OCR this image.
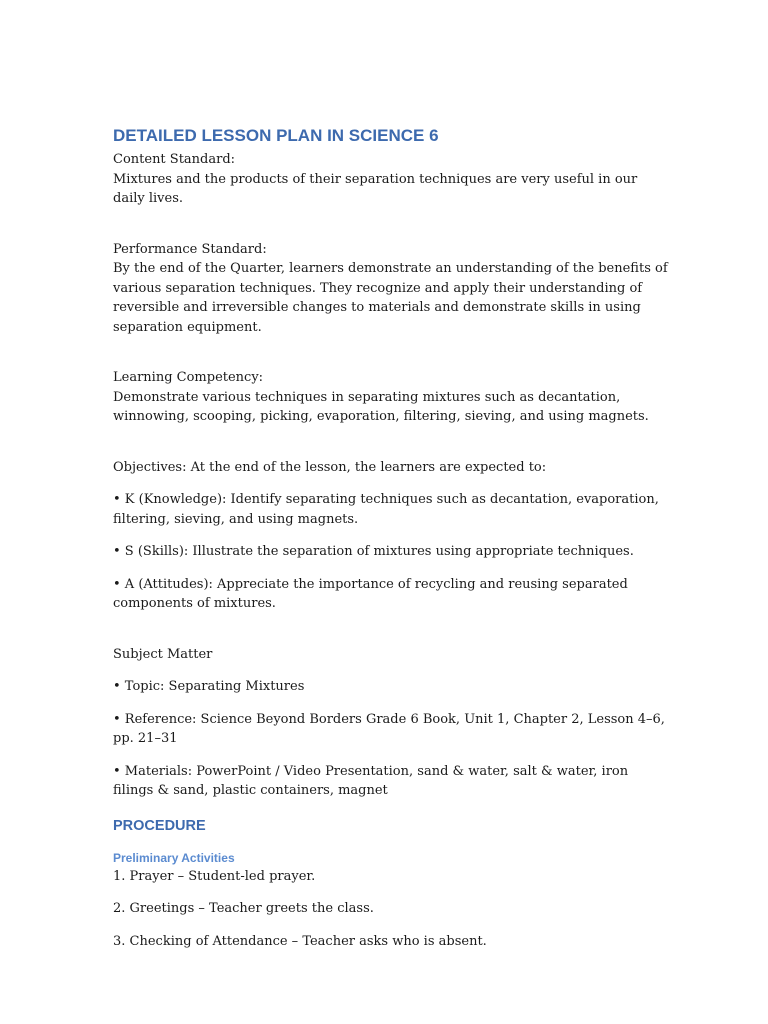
DETAILED LESSON PLAN IN SCIENCE 6

Content Standard:

Mixtures and the products of their separation techniques are very useful in our daily lives.

Performance Standard:

By the end of the Quarter, learners demonstrate an understanding of the benefits of various separation techniques. They recognize and apply their understanding of reversible and irreversible changes to materials and demonstrate skills in using separation equipment.

Learning Competency:

Demonstrate various techniques in separating mixtures such as decantation, winnowing, scooping, picking, evaporation, filtering, sieving, and using magnets.

Objectives: At the end of the lesson, the learners are expected to:

• K (Knowledge): Identify separating techniques such as decantation, evaporation, filtering, sieving, and using magnets.

• S (Skills): Illustrate the separation of mixtures using appropriate techniques.

• A (Attitudes): Appreciate the importance of recycling and reusing separated components of mixtures.

Subject Matter

• Topic: Separating Mixtures

• Reference: Science Beyond Borders Grade 6 Book, Unit 1, Chapter 2, Lesson 4–6, pp. 21–31

• Materials: PowerPoint / Video Presentation, sand & water, salt & water, iron filings & sand, plastic containers, magnet

PROCEDURE
Preliminary Activities

1. Prayer – Student-led prayer.

2. Greetings – Teacher greets the class.

3. Checking of Attendance – Teacher asks who is absent.
